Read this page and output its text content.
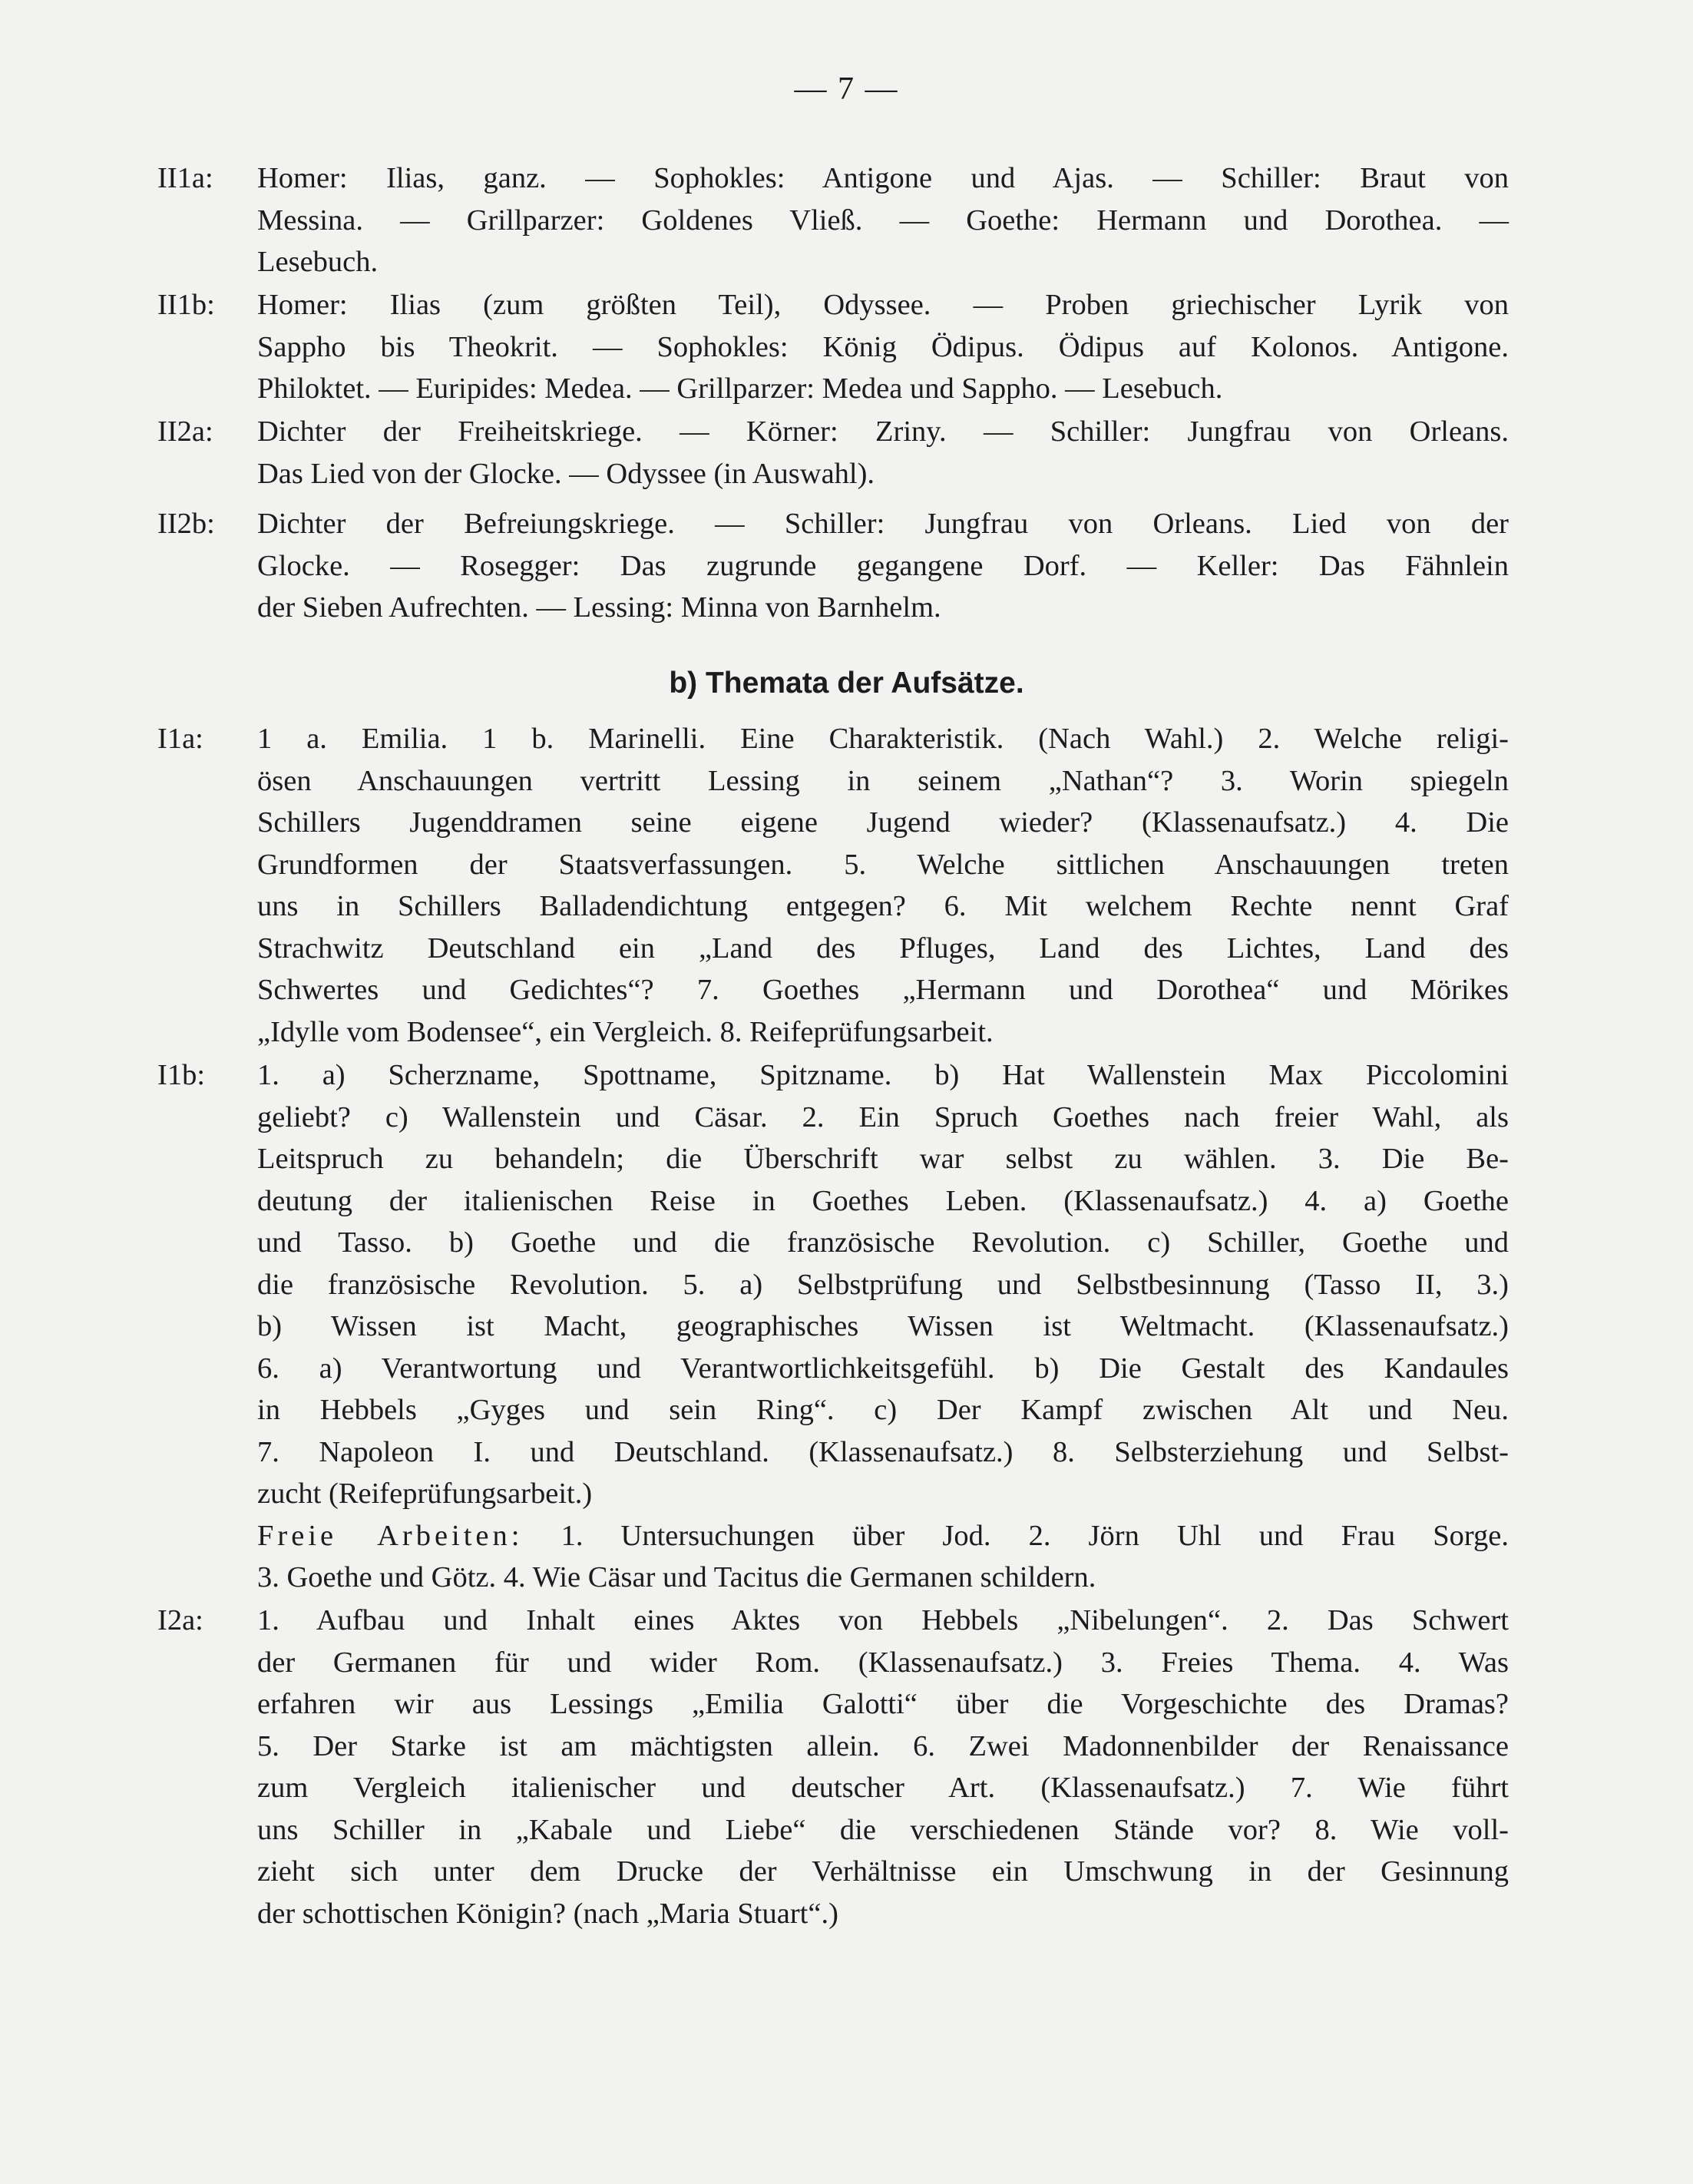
— 7 —
II1a: Homer: Ilias, ganz. — Sophokles: Antigone und Ajas. — Schiller: Braut von
Messina. — Grillparzer: Goldenes Vließ. — Goethe: Hermann und Dorothea. —
Lesebuch.
II1b: Homer: Ilias (zum größten Teil), Odyssee. — Proben griechischer Lyrik von
Sappho bis Theokrit. — Sophokles: König Ödipus. Ödipus auf Kolonos. Antigone.
Philoktet. — Euripides: Medea. — Grillparzer: Medea und Sappho. — Lesebuch.
II2a: Dichter der Freiheitskriege. — Körner: Zriny. — Schiller: Jungfrau von Orleans.
Das Lied von der Glocke. — Odyssee (in Auswahl).
II2b: Dichter der Befreiungskriege. — Schiller: Jungfrau von Orleans. Lied von der
Glocke. — Rosegger: Das zugrunde gegangene Dorf. — Keller: Das Fähnlein
der Sieben Aufrechten. — Lessing: Minna von Barnhelm.
b) Themata der Aufsätze.
I1a: 1 a. Emilia. 1 b. Marinelli. Eine Charakteristik. (Nach Wahl.) 2. Welche religi-
ösen Anschauungen vertritt Lessing in seinem „Nathan“? 3. Worin spiegeln
Schillers Jugenddramen seine eigene Jugend wieder? (Klassenaufsatz.) 4. Die
Grundformen der Staatsverfassungen. 5. Welche sittlichen Anschauungen treten
uns in Schillers Balladendichtung entgegen? 6. Mit welchem Rechte nennt Graf
Strachwitz Deutschland ein „Land des Pfluges, Land des Lichtes, Land des
Schwertes und Gedichtes“? 7. Goethes „Hermann und Dorothea“ und Mörikes
„Idylle vom Bodensee“, ein Vergleich. 8. Reifeprüfungsarbeit.
I1b: 1. a) Scherzname, Spottname, Spitzname. b) Hat Wallenstein Max Piccolomini
geliebt? c) Wallenstein und Cäsar. 2. Ein Spruch Goethes nach freier Wahl, als
Leitspruch zu behandeln; die Überschrift war selbst zu wählen. 3. Die Be-
deutung der italienischen Reise in Goethes Leben. (Klassenaufsatz.) 4. a) Goethe
und Tasso. b) Goethe und die französische Revolution. c) Schiller, Goethe und
die französische Revolution. 5. a) Selbstprüfung und Selbstbesinnung (Tasso II, 3.)
b) Wissen ist Macht, geographisches Wissen ist Weltmacht. (Klassenaufsatz.)
6. a) Verantwortung und Verantwortlichkeitsgefühl. b) Die Gestalt des Kandaules
in Hebbels „Gyges und sein Ring“. c) Der Kampf zwischen Alt und Neu.
7. Napoleon I. und Deutschland. (Klassenaufsatz.) 8. Selbsterziehung und Selbst-
zucht (Reifeprüfungsarbeit.)
Freie Arbeiten: 1. Untersuchungen über Jod. 2. Jörn Uhl und Frau Sorge.
3. Goethe und Götz. 4. Wie Cäsar und Tacitus die Germanen schildern.
I2a: 1. Aufbau und Inhalt eines Aktes von Hebbels „Nibelungen“. 2. Das Schwert
der Germanen für und wider Rom. (Klassenaufsatz.) 3. Freies Thema. 4. Was
erfahren wir aus Lessings „Emilia Galotti“ über die Vorgeschichte des Dramas?
5. Der Starke ist am mächtigsten allein. 6. Zwei Madonnenbilder der Renaissance
zum Vergleich italienischer und deutscher Art. (Klassenaufsatz.) 7. Wie führt
uns Schiller in „Kabale und Liebe“ die verschiedenen Stände vor? 8. Wie voll-
zieht sich unter dem Drucke der Verhältnisse ein Umschwung in der Gesinnung
der schottischen Königin? (nach „Maria Stuart“.)
